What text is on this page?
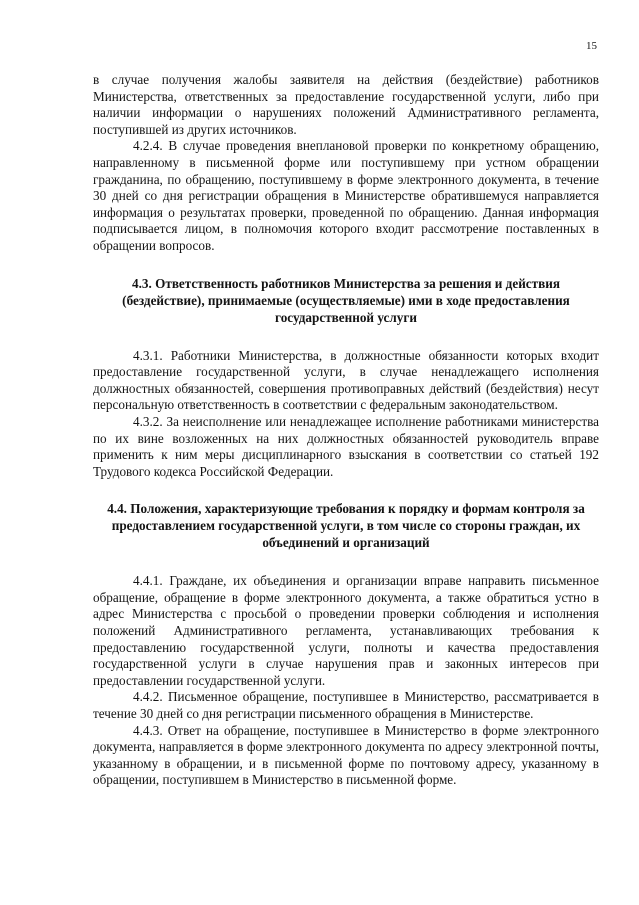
15

в случае получения жалобы заявителя на действия (бездействие) работников Министерства, ответственных за предоставление государственной услуги, либо при наличии информации о нарушениях положений Административного регламента, поступившей из других источников.

4.2.4. В случае проведения внеплановой проверки по конкретному обращению, направленному в письменной форме или поступившему при устном обращении гражданина, по обращению, поступившему в форме электронного документа, в течение 30 дней со дня регистрации обращения в Министерстве обратившемуся направляется информация о результатах проверки, проведенной по обращению. Данная информация подписывается лицом, в полномочия которого входит рассмотрение поставленных в обращении вопросов.

4.3. Ответственность работников Министерства за решения и действия (бездействие), принимаемые (осуществляемые) ими в ходе предоставления государственной услуги

4.3.1. Работники Министерства, в должностные обязанности которых входит предоставление государственной услуги, в случае ненадлежащего исполнения должностных обязанностей, совершения противоправных действий (бездействия) несут персональную ответственность в соответствии с федеральным законодательством.

4.3.2. За неисполнение или ненадлежащее исполнение работниками министерства по их вине возложенных на них должностных обязанностей руководитель вправе применить к ним меры дисциплинарного взыскания в соответствии со статьей 192 Трудового кодекса Российской Федерации.

4.4. Положения, характеризующие требования к порядку и формам контроля за предоставлением государственной услуги, в том числе со стороны граждан, их объединений и организаций

4.4.1. Граждане, их объединения и организации вправе направить письменное обращение, обращение в форме электронного документа, а также обратиться устно в адрес Министерства с просьбой о проведении проверки соблюдения и исполнения положений Административного регламента, устанавливающих требования к предоставлению государственной услуги, полноты и качества предоставления государственной услуги в случае нарушения прав и законных интересов при предоставлении государственной услуги.

4.4.2. Письменное обращение, поступившее в Министерство, рассматривается в течение 30 дней со дня регистрации письменного обращения в Министерстве.

4.4.3. Ответ на обращение, поступившее в Министерство в форме электронного документа, направляется в форме электронного документа по адресу электронной почты, указанному в обращении, и в письменной форме по почтовому адресу, указанному в обращении, поступившем в Министерство в письменной форме.
